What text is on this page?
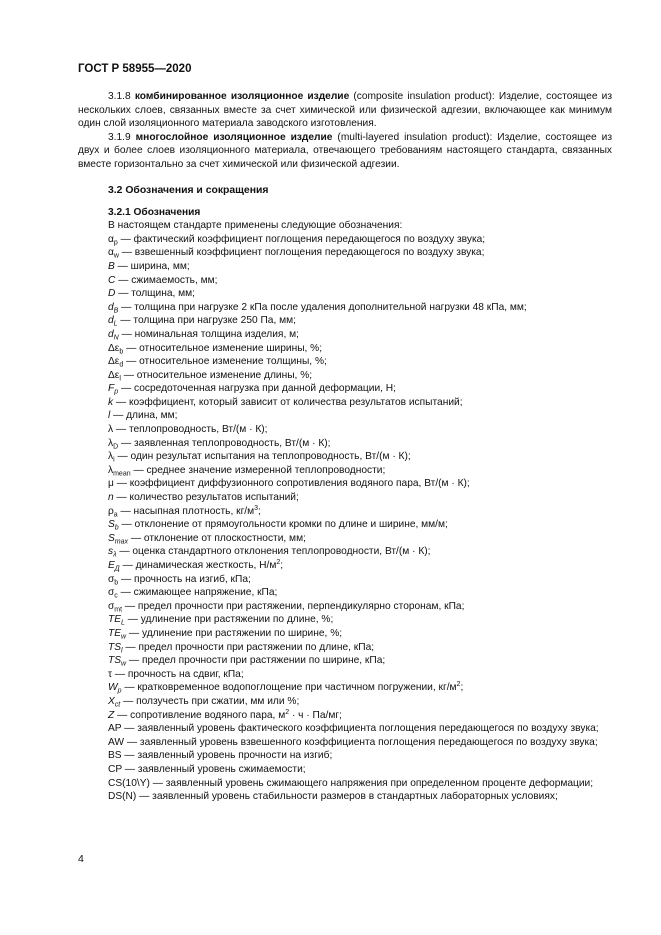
ГОСТ Р 58955—2020

3.1.8 комбинированное изоляционное изделие (composite insulation product): Изделие, состоящее из нескольких слоев, связанных вместе за счет химической или физической адгезии, включающее как минимум один слой изоляционного материала заводского изготовления.

3.1.9 многослойное изоляционное изделие (multi-layered insulation product): Изделие, состоящее из двух и более слоев изоляционного материала, отвечающего требованиям настоящего стандарта, связанных вместе горизонтально за счет химической или физической адгезии.

3.2 Обозначения и сокращения
3.2.1 Обозначения
В настоящем стандарте применены следующие обозначения:
$\alpha_p$ — фактический коэффициент поглощения передающегося по воздуху звука;
$\alpha_w$ — взвешенный коэффициент поглощения передающегося по воздуху звука;
B — ширина, мм;
C — сжимаемость, мм;
D — толщина, мм;
$d_B$ — толщина при нагрузке 2 кПа после удаления дополнительной нагрузки 48 кПа, мм;
$d_L$ — толщина при нагрузке 250 Па, мм;
$d_N$ — номинальная толщина изделия, м;
$\Delta\varepsilon_b$ — относительное изменение ширины, %;
$\Delta\varepsilon_d$ — относительное изменение толщины, %;
$\Delta\varepsilon_l$ — относительное изменение длины, %;
$F_p$ — сосредоточенная нагрузка при данной деформации, Н;
k — коэффициент, который зависит от количества результатов испытаний;
l — длина, мм;
λ — теплопроводность, Вт/(м · К);
$\lambda_D$ — заявленная теплопроводность, Вт/(м · К);
$\lambda_i$ — один результат испытания на теплопроводность, Вт/(м · К);
$\lambda_{mean}$ — среднее значение измеренной теплопроводности;
μ — коэффициент диффузионного сопротивления водяного пара, Вт/(м · К);
n — количество результатов испытаний;
$\rho_a$ — насыпная плотность, $кг/м^3$;
$S_b$ — отклонение от прямоугольности кромки по длине и ширине, мм/м;
$S_{max}$ — отклонение от плоскостности, мм;
$s_\lambda$ — оценка стандартного отклонения теплопроводности, Вт/(м · К);
$E_Д$ — динамическая жесткость, $Н/м^2$;
$\sigma_b$ — прочность на изгиб, кПа;
$\sigma_c$ — сжимающее напряжение, кПа;
$\sigma_{mt}$ — предел прочности при растяжении, перпендикулярно сторонам, кПа;
$TE_L$ — удлинение при растяжении по длине, %;
$TE_w$ — удлинение при растяжении по ширине, %;
$TS_l$ — предел прочности при растяжении по длине, кПа;
$TS_w$ — предел прочности при растяжении по ширине, кПа;
τ — прочность на сдвиг, кПа;
$W_p$ — кратковременное водопоглощение при частичном погружении, $кг/м^2$;
$X_{ct}$ — ползучесть при сжатии, мм или %;
Z — сопротивление водяного пара, $м^2 \cdot ч \cdot Па/мг$;
AP — заявленный уровень фактического коэффициента поглощения передающегося по воздуху звука;
AW — заявленный уровень взвешенного коэффициента поглощения передающегося по воздуху звука;
BS — заявленный уровень прочности на изгиб;
CP — заявленный уровень сжимаемости;
CS(10\Y) — заявленный уровень сжимающего напряжения при определенном проценте деформации;
DS(N) — заявленный уровень стабильности размеров в стандартных лабораторных условиях;
4
